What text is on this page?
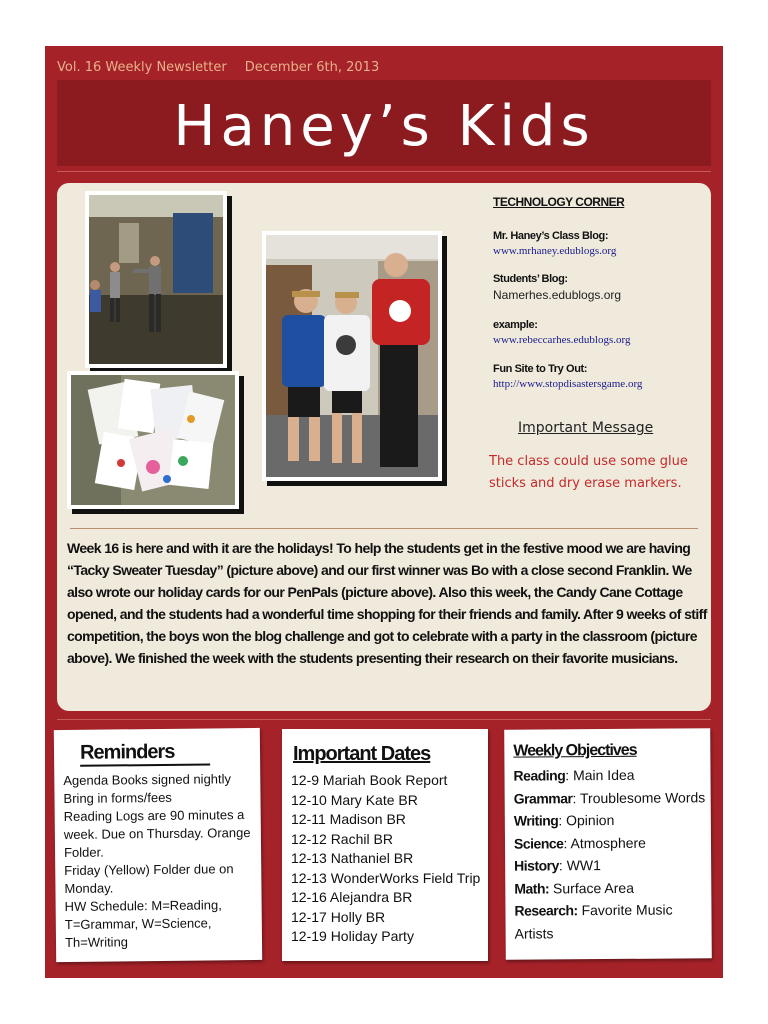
Vol. 16 Weekly Newsletter December 6th, 2013
Haney’s Kids
TECHNOLOGY CORNER
Mr. Haney’s Class Blog:
www.mrhaney.edublogs.org
Students’ Blog:
Namerhes.edublogs.org
example:
www.rebeccarhes.edublogs.org
Fun Site to Try Out:
http://www.stopdisastersgame.org
Important Message
The class could use some glue sticks and dry erase markers.
Week 16 is here and with it are the holidays! To help the students get in the festive mood we are having “Tacky Sweater Tuesday” (picture above) and our first winner was Bo with a close second Franklin. We also wrote our holiday cards for our PenPals (picture above). Also this week, the Candy Cane Cottage opened, and the students had a wonderful time shopping for their friends and family. After 9 weeks of stiff competition, the boys won the blog challenge and got to celebrate with a party in the classroom (picture above). We finished the week with the students presenting their research on their favorite musicians.
Reminders
Agenda Books signed nightly
Bring in forms/fees
Reading Logs are 90 minutes a week. Due on Thursday. Orange Folder.
Friday (Yellow) Folder due on Monday.
HW Schedule: M=Reading, T=Grammar, W=Science, Th=Writing
Important Dates
12-9 Mariah Book Report
12-10 Mary Kate BR
12-11 Madison BR
12-12 Rachil BR
12-13 Nathaniel BR
12-13 WonderWorks Field Trip
12-16 Alejandra BR
12-17 Holly BR
12-19 Holiday Party
Weekly Objectives
Reading: Main Idea
Grammar: Troublesome Words
Writing: Opinion
Science: Atmosphere
History: WW1
Math: Surface Area
Research: Favorite Music Artists
